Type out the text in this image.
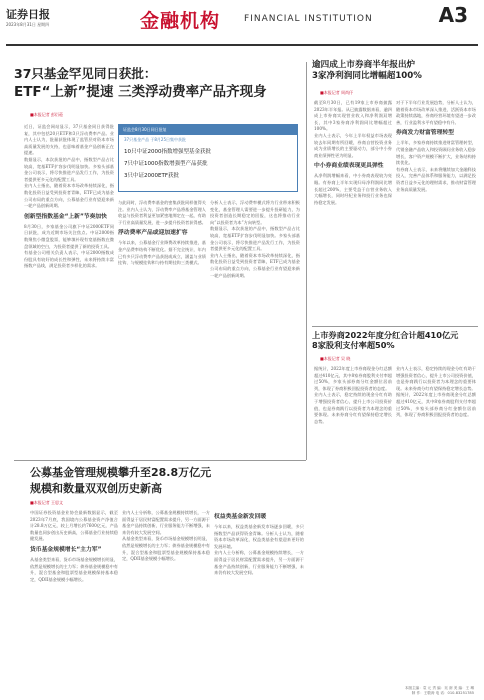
证券日报
2023年8月31日 星期四	金融机构	FINANCIAL INSTITUTION	A3
37只基金罕见同日获批：
ETF“上新”提速 三类浮动费率产品齐现身
■本报记者 彭衍菘

近日，证监会网站显示，37只基金同日获得批复，其中包括20只ETF和3只浮动费率产品。业内人士认为，批量获批体现了监管层对资本市场高质量发展的支持，也意味着基金产品创新正在提速。

数据显示，本次获批的产品中，指数型产品占比较高，宽基ETF扩容步伐明显加快。多家头部基金公司表示，将尽快推进产品发行工作，为投资者提供更多元化的配置工具。

业内人士指出，随着资本市场改革持续深化，指数化投资日益受到投资者青睐，ETF已成为基金公司布局的重点方向，公募基金行业有望迎来新一轮产品创新周期。

创新型指数基金“上新”节奏加快

8月30日，多家基金公司旗下中证2000ETF同日获批，成为近期市场关注焦点。中证2000指数聚焦小微盘股票，能够填补现有宽基指数在微盘领域的空白，为投资者提供了新的投资工具。

有基金公司相关负责人表示，中证2000指数成份股具有较好的成长性和弹性，未来将持续丰富指数产品线，满足投资者多样化的需求。

证监会8月30日同日批复
37只基金产品 于8月25日集中获批
10只中证2000指数增强型基金获批
7只中证1000指数增强型产品获批
3只中证2000ETF获批

与此同时，浮动费率基金的密集获批同样值得关注。业内人士认为，浮动费率产品将基金管理人收益与投资者利益更加紧密地绑定在一起，有助于行业高质量发展，进一步提升投资者获得感。

浮动费率产品或迎加速扩容

今年以来，公募基金行业降费改革持续推进，基金产品费率结构不断优化。据不完全统计，年内已有多只浮动费率产品获批或成立，涵盖与业绩挂钩、与规模挂钩和与持有期挂钩三类模式。

分析人士表示，浮动费率模式将为行业带来积极变化，基金管理人需要进一步提升投研能力，为投资者创造长期稳定的回报，这也将推动行业向“以投资者为本”方向转型。

数据显示，本次获批的产品中，指数型产品占比较高，宽基ETF扩容步伐明显加快。多家头部基金公司表示，将尽快推进产品发行工作，为投资者提供更多元化的配置工具。

业内人士指出，随着资本市场改革持续深化，指数化投资日益受到投资者青睐，ETF已成为基金公司布局的重点方向，公募基金行业有望迎来新一轮产品创新周期。

逾四成上市券商半年报出炉
3家净利润同比增幅超100%
■本报记者 周尚伃

截至8月30日，已有19家上市券商披露2023年半年报。从已披露数据来看，逾四成上市券商实现营业收入和净利润双增长，其中3家券商净利润同比增幅超过100%。

业内人士表示，今年上半年权益市场表现较去年同期有所回暖，券商自营投资业务成为业绩增长的主要驱动力，部分中小券商业绩弹性更为明显。

中小券商业绩表现更具弹性

从净利润增幅来看，中小券商表现较为亮眼。有券商上半年实现归母净利润同比增长超过200%，主要受益于自营业务收入大幅增长，同时经纪业务和投行业务也保持稳定发展。

对于下半年行业发展趋势，分析人士认为，随着资本市场改革深入推进，活跃资本市场政策持续落地，券商经营环境有望进一步改善，行业盈利水平有望稳中有升。

券商发力财富管理转型

上半年，多家券商持续推进财富管理转型，代销金融产品收入和投资顾问业务收入稳步增长，客户资产规模不断扩大，业务结构持续优化。

有券商人士表示，未来将继续加大金融科技投入，完善产品体系和服务能力，以满足投资者日益多元化的理财需求，推动财富管理业务高质量发展。

上市券商2022年度分红合计超410亿元
8家股利支付率超50%
■本报记者 吴 晓

据统计，2022年度上市券商现金分红总额超过410亿元，其中8家券商股利支付率超过50%，多家头部券商分红金额位居前列，体现了券商积极回报投资者的态度。

业内人士表示，稳定持续的现金分红有助于增强投资者信心，提升上市公司投资价值，也是券商践行以投资者为本理念的重要体现。未来券商分红有望保持稳定增长态势。

业内人士表示，稳定持续的现金分红有助于增强投资者信心，提升上市公司投资价值，也是券商践行以投资者为本理念的重要体现。未来券商分红有望保持稳定增长态势。

据统计，2022年度上市券商现金分红总额超过410亿元，其中8家券商股利支付率超过50%，多家头部券商分红金额位居前列，体现了券商积极回报投资者的态度。

公募基金管理规模攀升至28.8万亿元
规模和数量双双创历史新高
■本报记者 王思文

中国证券投资基金业协会最新数据显示，截至2023年7月底，我国境内公募基金资产净值合计28.8万亿元，较上月增长约7600亿元，产品数量也同步创出历史新高，公募基金行业持续稳健发展。

货币基金规模增长“主力军”

从基金类型来看，货币市场基金规模增长明显，依然是规模增长的主力军；债券基金规模稳中有升，混合型基金和股票型基金规模保持基本稳定，QDII基金规模小幅增长。

业内人士分析称，公募基金规模持续增长，一方面得益于居民财富配置需求提升，另一方面源于基金产品持续创新，行业服务能力不断增强，未来仍有较大发展空间。

从基金类型来看，货币市场基金规模增长明显，依然是规模增长的主力军；债券基金规模稳中有升，混合型基金和股票型基金规模保持基本稳定，QDII基金规模小幅增长。

权益类基金新发回暖

今年以来，权益类基金新发市场逐步回暖，多只指数型产品获得资金青睐。分析人士认为，随着资本市场改革深化，权益类基金有望迎来更好的发展环境。

业内人士分析称，公募基金规模持续增长，一方面得益于居民财富配置需求提升，另一方面源于基金产品持续创新，行业服务能力不断增强，未来仍有较大发展空间。

本版主编：袁 元 责 编：吴 澍 美 编：王 琳
制 作：王敬涛 电 话：010-83251785
